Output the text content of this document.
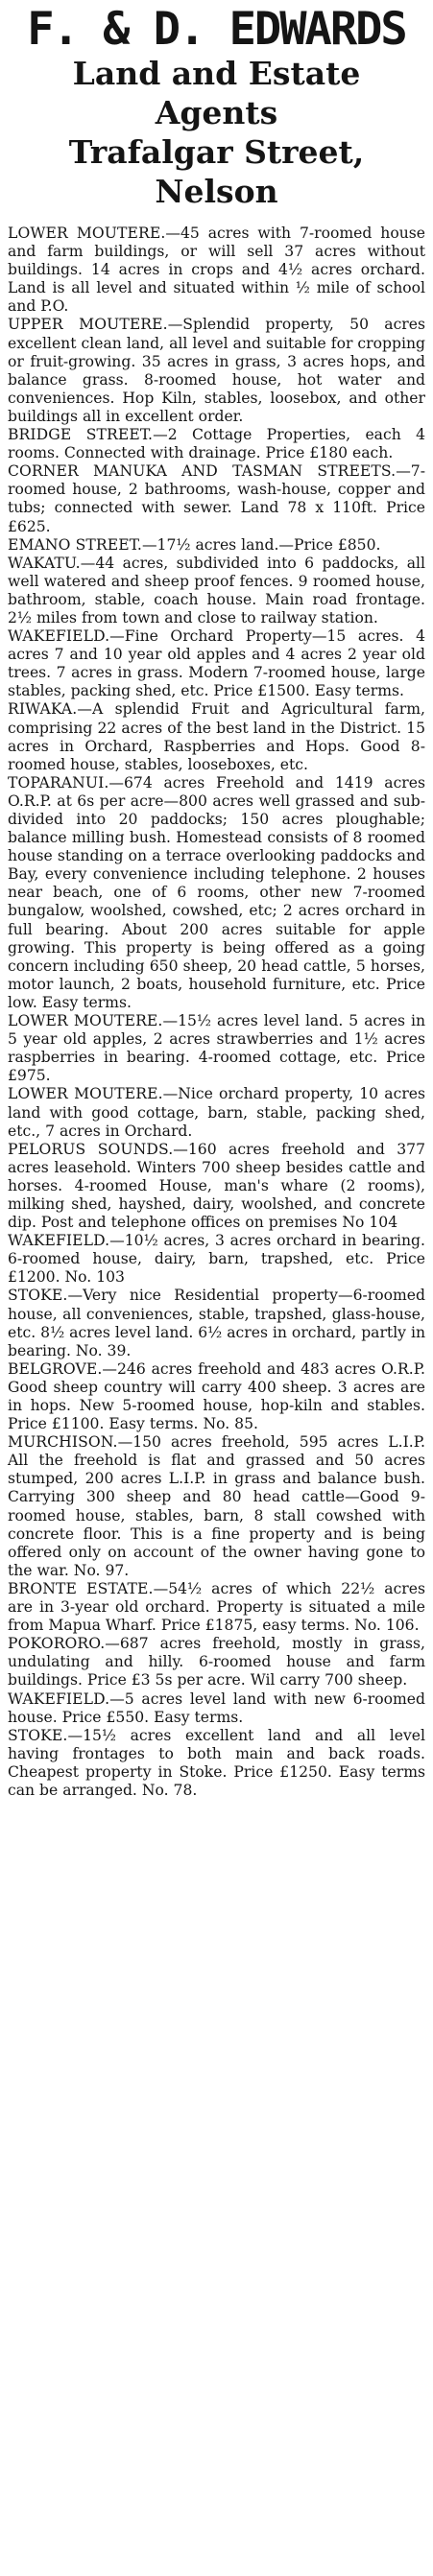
F. & D. EDWARDS
Land and Estate
Agents
Trafalgar Street,
Nelson

LOWER MOUTERE.—45 acres with 7-roomed house and farm buildings, or will sell 37 acres without buildings. 14 acres in crops and 4½ acres orchard. Land is all level and situated within ½ mile of school and P.O.

UPPER MOUTERE.—Splendid property, 50 acres excellent clean land, all level and suitable for cropping or fruit-growing. 35 acres in grass, 3 acres hops, and balance grass. 8-roomed house, hot water and conveniences. Hop Kiln, stables, loosebox, and other buildings all in excellent order.

BRIDGE STREET.—2 Cottage Properties, each 4 rooms. Connected with drainage. Price £180 each.

CORNER MANUKA AND TASMAN STREETS.—7-roomed house, 2 bathrooms, wash-house, copper and tubs; connected with sewer. Land 78 x 110ft. Price £625.

EMANO STREET.—17½ acres land.—Price £850.

WAKATU.—44 acres, subdivided into 6 paddocks, all well watered and sheep proof fences. 9 roomed house, bathroom, stable, coach house. Main road frontage. 2½ miles from town and close to railway station.

WAKEFIELD.—Fine Orchard Property—15 acres. 4 acres 7 and 10 year old apples and 4 acres 2 year old trees. 7 acres in grass. Modern 7-roomed house, large stables, packing shed, etc. Price £1500. Easy terms.

RIWAKA.—A splendid Fruit and Agricultural farm, comprising 22 acres of the best land in the District. 15 acres in Orchard, Raspberries and Hops. Good 8-roomed house, stables, looseboxes, etc.

TOPARANUI.—674 acres Freehold and 1419 acres O.R.P. at 6s per acre—800 acres well grassed and sub-divided into 20 paddocks; 150 acres ploughable; balance milling bush. Homestead consists of 8 roomed house standing on a terrace overlooking paddocks and Bay, every convenience including telephone. 2 houses near beach, one of 6 rooms, other new 7-roomed bungalow, woolshed, cowshed, etc; 2 acres orchard in full bearing. About 200 acres suitable for apple growing. This property is being offered as a going concern including 650 sheep, 20 head cattle, 5 horses, motor launch, 2 boats, household furniture, etc. Price low. Easy terms.

LOWER MOUTERE.—15½ acres level land. 5 acres in 5 year old apples, 2 acres strawberries and 1½ acres raspberries in bearing. 4-roomed cottage, etc. Price £975.

LOWER MOUTERE.—Nice orchard property, 10 acres land with good cottage, barn, stable, packing shed, etc., 7 acres in Orchard.

PELORUS SOUNDS.—160 acres freehold and 377 acres leasehold. Winters 700 sheep besides cattle and horses. 4-roomed House, man's whare (2 rooms), milking shed, hayshed, dairy, woolshed, and concrete dip. Post and telephone offices on premises No 104

WAKEFIELD.—10½ acres, 3 acres orchard in bearing. 6-roomed house, dairy, barn, trapshed, etc. Price £1200. No. 103

STOKE.—Very nice Residential property—6-roomed house, all conveniences, stable, trapshed, glass-house, etc. 8½ acres level land. 6½ acres in orchard, partly in bearing. No. 39.

BELGROVE.—246 acres freehold and 483 acres O.R.P. Good sheep country will carry 400 sheep. 3 acres are in hops. New 5-roomed house, hop-kiln and stables. Price £1100. Easy terms. No. 85.

MURCHISON.—150 acres freehold, 595 acres L.I.P. All the freehold is flat and grassed and 50 acres stumped, 200 acres L.I.P. in grass and balance bush. Carrying 300 sheep and 80 head cattle—Good 9-roomed house, stables, barn, 8 stall cowshed with concrete floor. This is a fine property and is being offered only on account of the owner having gone to the war. No. 97.

BRONTE ESTATE.—54½ acres of which 22½ acres are in 3-year old orchard. Property is situated a mile from Mapua Wharf. Price £1875, easy terms. No. 106.

POKORORO.—687 acres freehold, mostly in grass, undulating and hilly. 6-roomed house and farm buildings. Price £3 5s per acre. Wil carry 700 sheep.

WAKEFIELD.—5 acres level land with new 6-roomed house. Price £550. Easy terms.

STOKE.—15½ acres excellent land and all level having frontages to both main and back roads. Cheapest property in Stoke. Price £1250. Easy terms can be arranged. No. 78.
